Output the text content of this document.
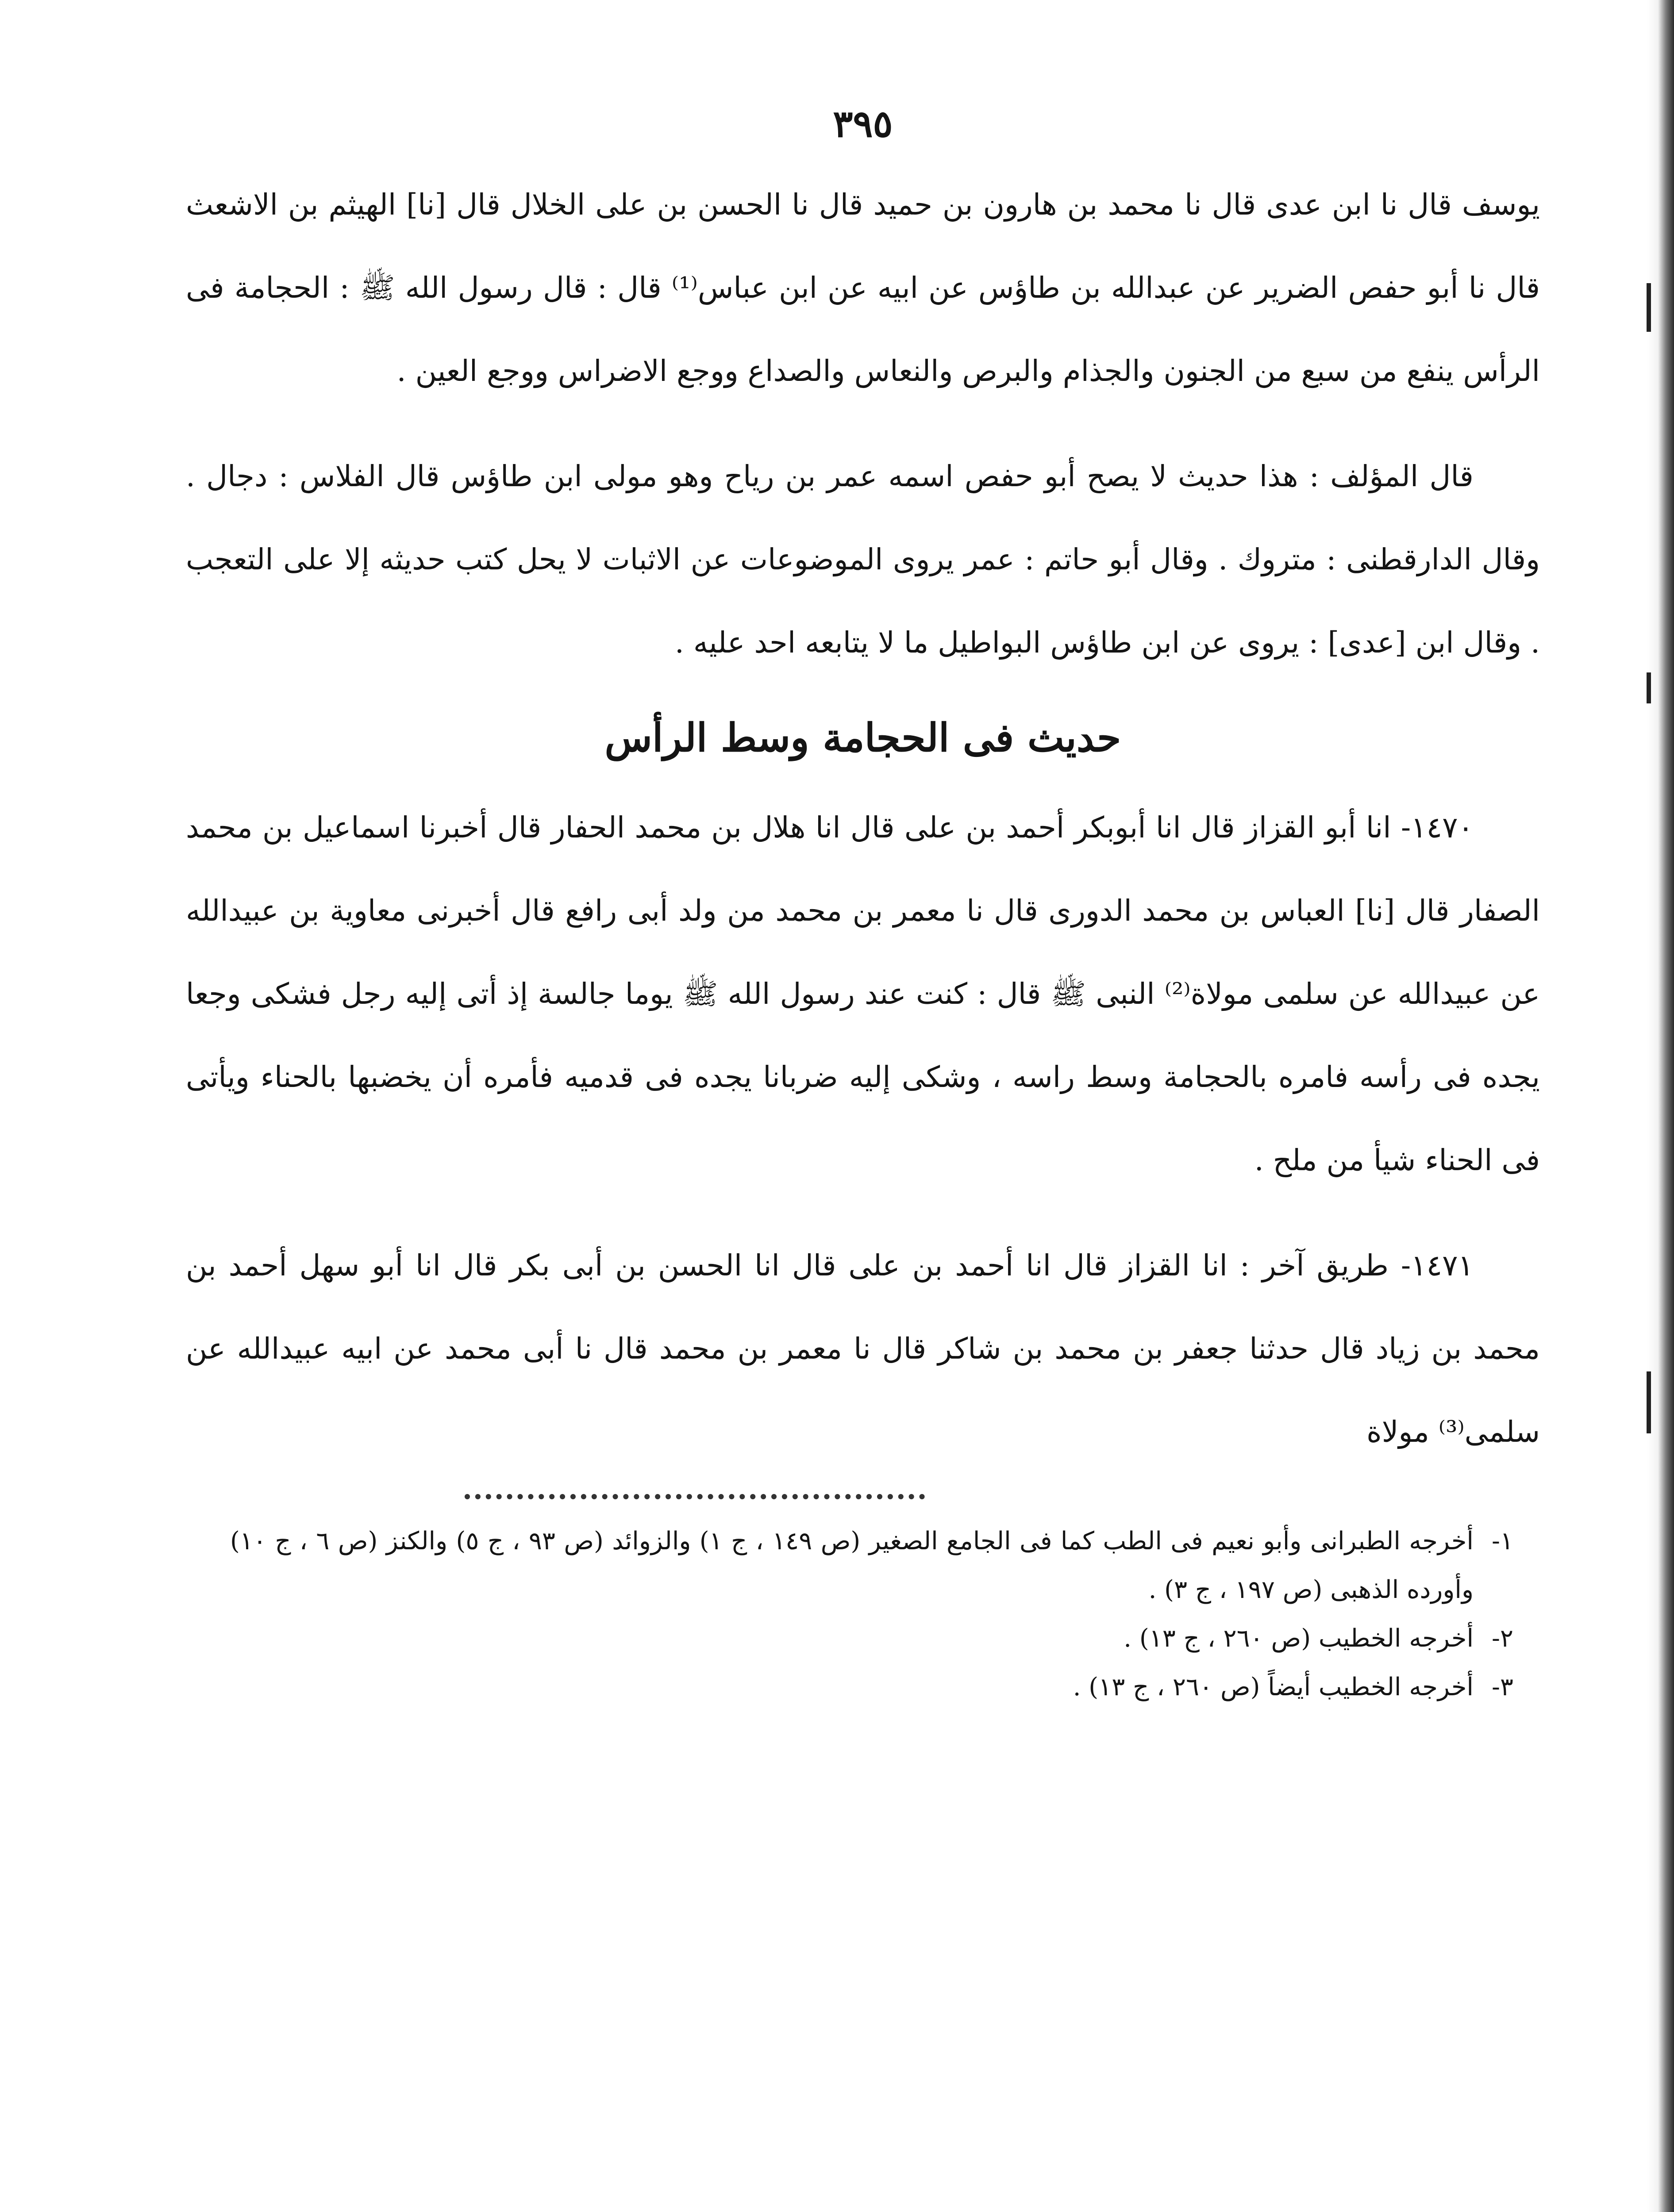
٣٩٥

يوسف قال نا ابن عدى قال نا محمد بن هارون بن حميد قال نا الحسن بن على الخلال قال [نا] الهيثم بن الاشعث قال نا أبو حفص الضرير عن عبدالله بن طاؤس عن ابيه عن ابن عباس⁽¹⁾ قال : قال رسول الله ﷺ : الحجامة فى الرأس ينفع من سبع من الجنون والجذام والبرص والنعاس والصداع ووجع الاضراس ووجع العين .

قال المؤلف : هذا حديث لا يصح أبو حفص اسمه عمر بن رياح وهو مولى ابن طاؤس قال الفلاس : دجال . وقال الدارقطنى : متروك . وقال أبو حاتم : عمر يروى الموضوعات عن الاثبات لا يحل كتب حديثه إلا على التعجب . وقال ابن [عدى] : يروى عن ابن طاؤس البواطيل ما لا يتابعه احد عليه .

حديث فى الحجامة وسط الرأس

١٤٧٠- انا أبو القزاز قال انا أبوبكر أحمد بن على قال انا هلال بن محمد الحفار قال أخبرنا اسماعيل بن محمد الصفار قال [نا] العباس بن محمد الدورى قال نا معمر بن محمد من ولد أبى رافع قال أخبرنى معاوية بن عبيدالله عن عبيدالله عن سلمى مولاة⁽²⁾ النبى ﷺ قال : كنت عند رسول الله ﷺ يوما جالسة إذ أتى إليه رجل فشكى وجعا يجده فى رأسه فامره بالحجامة وسط راسه ، وشكى إليه ضربانا يجده فى قدميه فأمره أن يخضبها بالحناء ويأتى فى الحناء شيأ من ملح .

١٤٧١- طريق آخر : انا القزاز قال انا أحمد بن على قال انا الحسن بن أبى بكر قال انا أبو سهل أحمد بن محمد بن زياد قال حدثنا جعفر بن محمد بن شاكر قال نا معمر بن محمد قال نا أبى محمد عن ابيه عبيدالله عن سلمى⁽³⁾ مولاة

١-
أخرجه الطبرانى وأبو نعيم فى الطب كما فى الجامع الصغير (ص ١٤٩ ، ج ١) والزوائد (ص ٩٣ ، ج ٥) والكنز (ص ٦ ، ج ١٠) وأورده الذهبى (ص ١٩٧ ، ج ٣) .

٢-
أخرجه الخطيب (ص ٢٦٠ ، ج ١٣) .

٣-
أخرجه الخطيب أيضاً (ص ٢٦٠ ، ج ١٣) .
